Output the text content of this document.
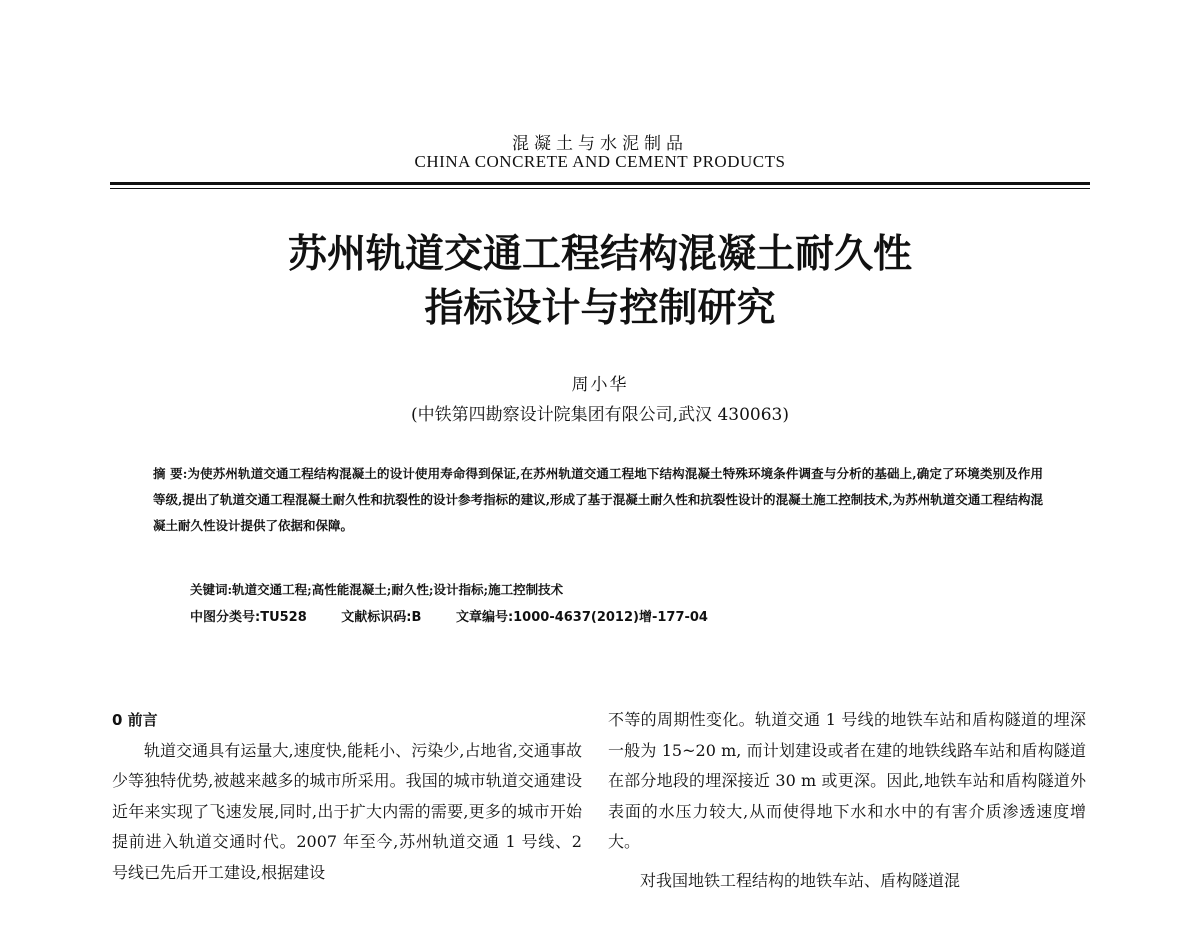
混凝土与水泥制品
CHINA CONCRETE AND CEMENT PRODUCTS
苏州轨道交通工程结构混凝土耐久性
指标设计与控制研究
周小华
(中铁第四勘察设计院集团有限公司,武汉 430063)
摘 要:为使苏州轨道交通工程结构混凝土的设计使用寿命得到保证,在苏州轨道交通工程地下结构混凝土特殊环境条件调查与分析的基础上,确定了环境类别及作用等级,提出了轨道交通工程混凝土耐久性和抗裂性的设计参考指标的建议,形成了基于混凝土耐久性和抗裂性设计的混凝土施工控制技术,为苏州轨道交通工程结构混凝土耐久性设计提供了依据和保障。
关键词:轨道交通工程;高性能混凝土;耐久性;设计指标;施工控制技术
中图分类号:TU528	文献标识码:B	文章编号:1000-4637(2012)增-177-04
0 前言
轨道交通具有运量大,速度快,能耗小、污染少,占地省,交通事故少等独特优势,被越来越多的城市所采用。我国的城市轨道交通建设近年来实现了飞速发展,同时,出于扩大内需的需要,更多的城市开始提前进入轨道交通时代。2007 年至今,苏州轨道交通 1 号线、2 号线已先后开工建设,根据建设
不等的周期性变化。轨道交通 1 号线的地铁车站和盾构隧道的埋深一般为 15~20 m, 而计划建设或者在建的地铁线路车站和盾构隧道在部分地段的埋深接近 30 m 或更深。因此,地铁车站和盾构隧道外表面的水压力较大,从而使得地下水和水中的有害介质渗透速度增大。
对我国地铁工程结构的地铁车站、盾构隧道混
